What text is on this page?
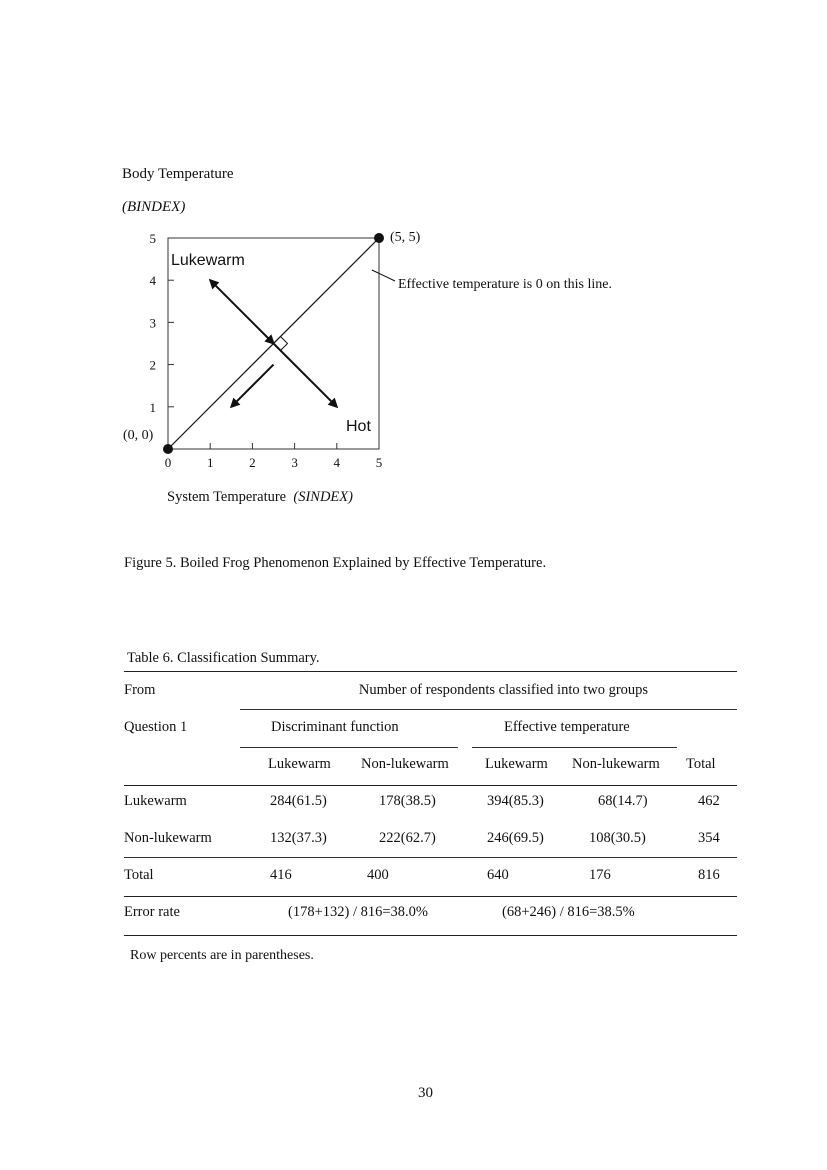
Body Temperature
(BINDEX)
0	1	2	3	4	5
1
2
3
4
5
Lukewarm
Hot
(0, 0)
(5, 5)
Effective temperature is 0 on this line.
System Temperature (SINDEX)
Figure 5. Boiled Frog Phenomenon Explained by Effective Temperature.
Table 6. Classification Summary.
From	Number of respondents classified into two groups				
Question 1	Discriminant function		Effective temperature		
	Lukewarm	Non-lukewarm	Lukewarm	Non-lukewarm	Total
Lukewarm	284(61.5)	178(38.5)	394(85.3)	68(14.7)	462
Non-lukewarm	132(37.3)	222(62.7)	246(69.5)	108(30.5)	354
Total	416	400	640	176	816
Error rate	(178+132) / 816=38.0%		(68+246) / 816=38.5%		
Row percents are in parentheses.
30
